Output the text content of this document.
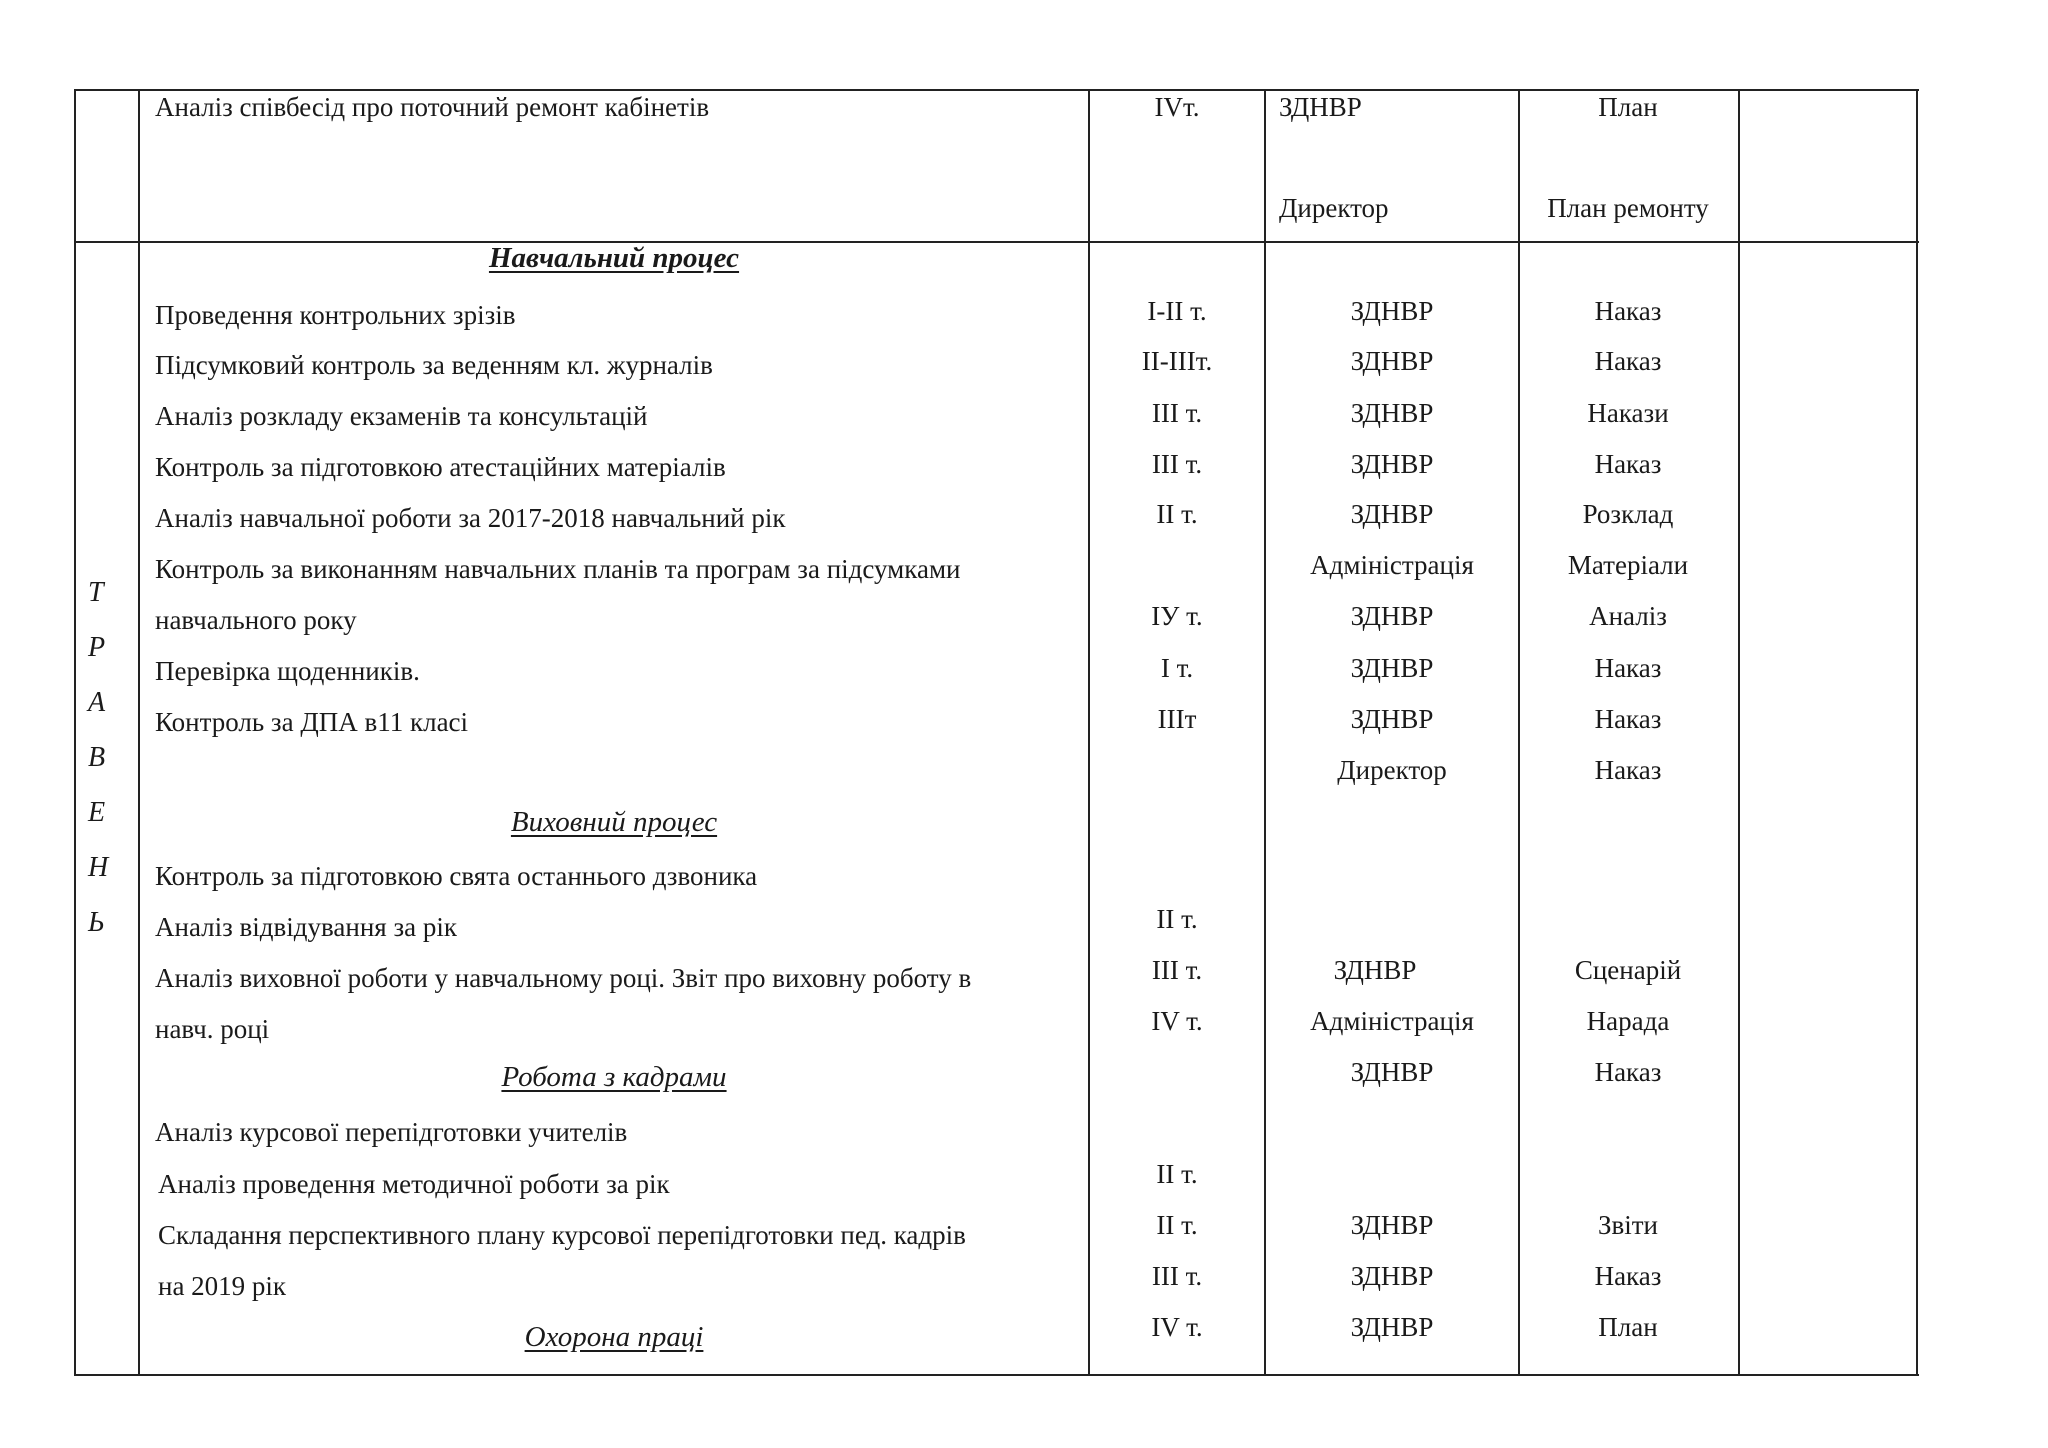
Аналіз співбесід про поточний ремонт кабінетів	IVт.	ЗДНВР
Директор
План
План ремонту
Т
Р
А
В
Е
Н
Ь
Навчальний процес
Виховний процес
Робота з кадрами
Охорона праці
Проведення контрольних зрізів
Підсумковий контроль за веденням кл. журналів
Аналіз розкладу екзаменів та консультацій
Контроль за підготовкою атестаційних матеріалів
Аналіз навчальної роботи за 2017-2018 навчальний рік
Контроль за виконанням навчальних планів та програм за підсумками
навчального року
Перевірка щоденників.
Контроль за ДПА в11 класі
Контроль за підготовкою свята останнього дзвоника
Аналіз відвідування за рік
Аналіз виховної роботи у навчальному році. Звіт про виховну роботу в
навч. році
Аналіз курсової перепідготовки учителів
Аналіз проведення методичної роботи за рік
Складання перспективного плану курсової перепідготовки пед. кадрів
на 2019 рік
I-II т.
II-IIIт.
III т.
III т.
II т.
IУ т.
I т.
IIIт
II т.
III т.
IV т.
II т.
II т.
III т.
IV т.
ЗДНВР
ЗДНВР
ЗДНВР
ЗДНВР
ЗДНВР
Адміністрація
ЗДНВР
ЗДНВР
ЗДНВР
Директор
ЗДНВР
Адміністрація
ЗДНВР
ЗДНВР
ЗДНВР
ЗДНВР
Наказ
Наказ
Накази
Наказ
Розклад
Матеріали
Аналіз
Наказ
Наказ
Наказ
Сценарій
Нарада
Наказ
Звіти
Наказ
План
